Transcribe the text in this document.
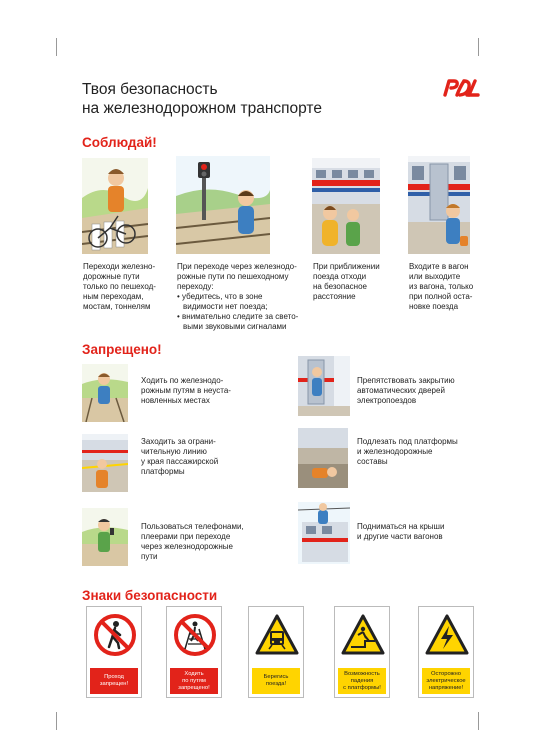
Твоя безопасность
на железнодорожном транспорте
Соблюдай!
Переходи железно-
дорожные пути
только по пешеход-
ным переходам,
мостам, тоннелям
При переходе через железнодо-
рожные пути по пешеходному
переходу:
• убедитесь, что в зоне
видимости нет поезда;
• внимательно следите за свето-
выми звуковыми сигналами
При приближении
поезда отходи
на безопасное
расстояние
Входите в вагон
или выходите
из вагона, только
при полной оста-
новке поезда
Запрещено!
Ходить по железнодо-
рожным путям в неуста-
новленных местах
Препятствовать закрытию
автоматических дверей
электропоездов
Заходить за ограни-
чительную линию
у края пассажирской
платформы
Подлезать под платформы
и железнодорожные
составы
Пользоваться телефонами,
плеерами при переходе
через железнодорожные
пути
Подниматься на крыши
и другие части вагонов
Знаки безопасности
Проход
запрещен!
Ходить
по путям
запрещено!
Берегись
поезда!
Возможность
падения
с платформы!
Осторожно
электрическое
напряжение!
